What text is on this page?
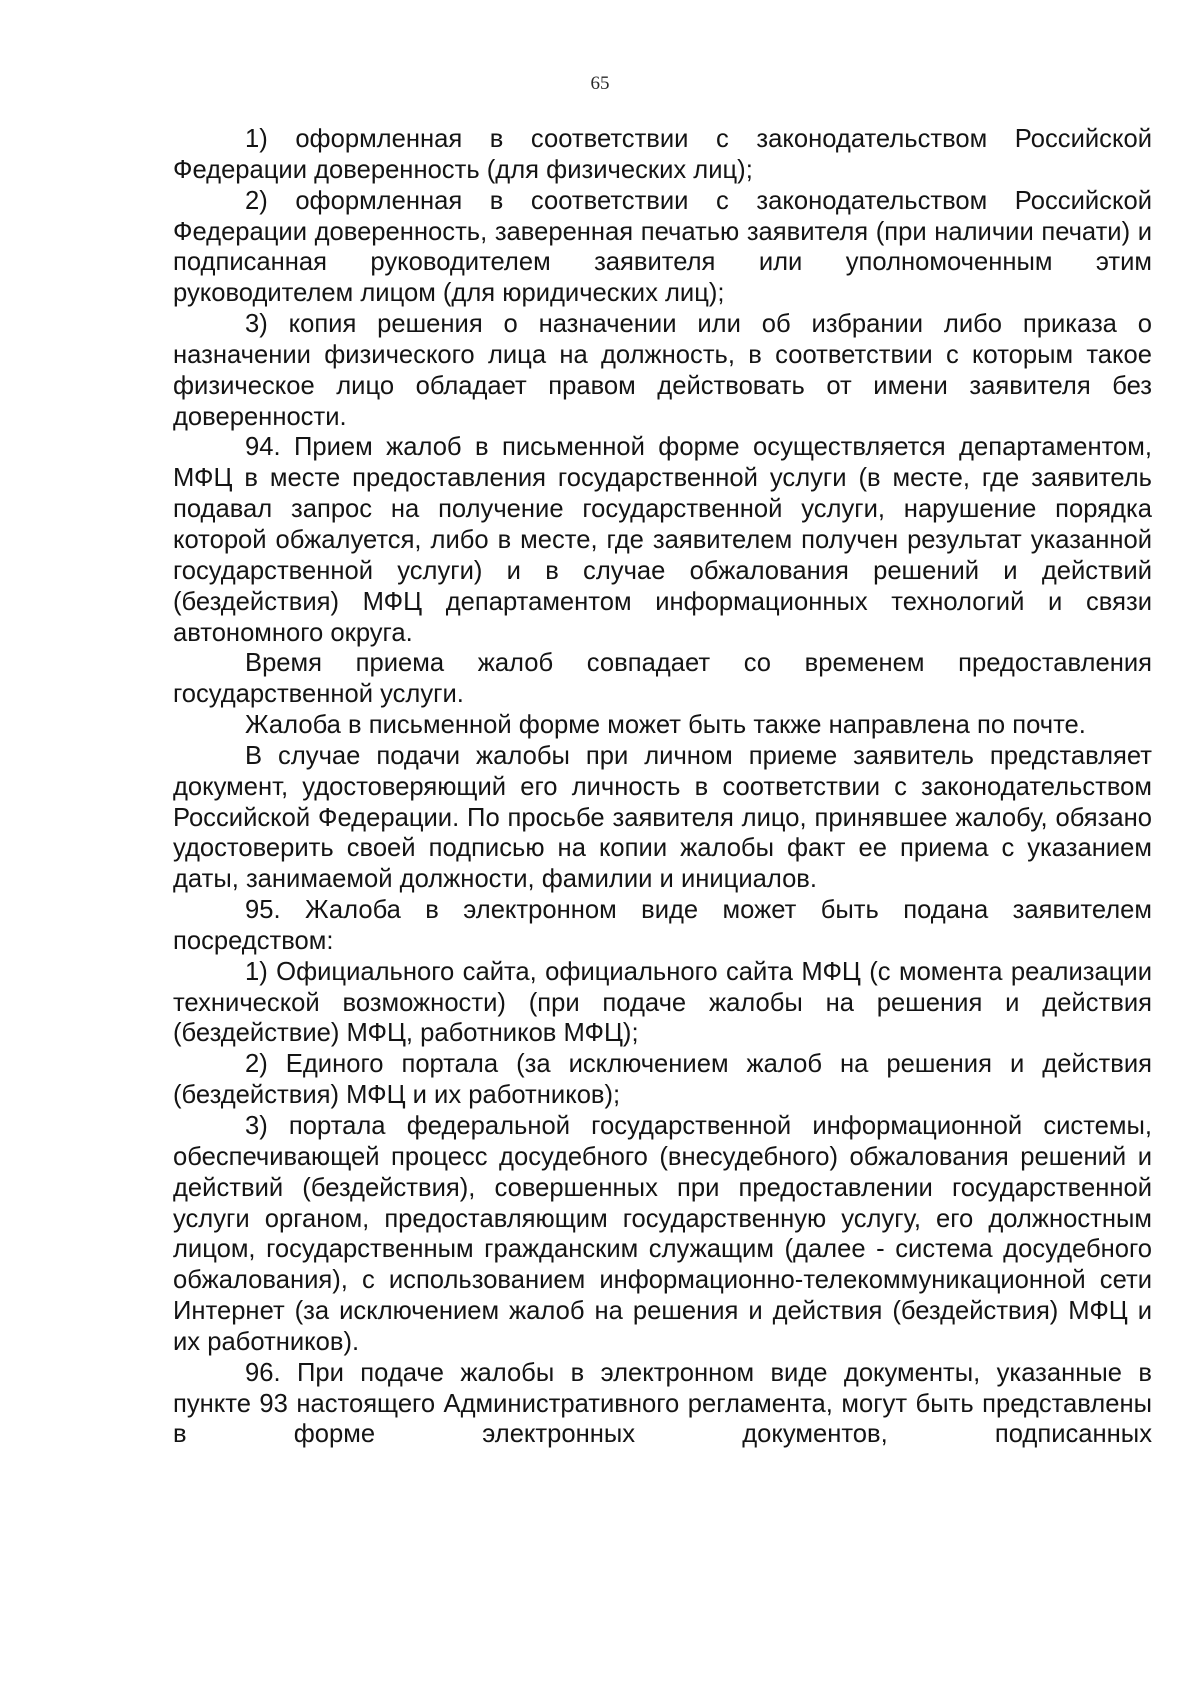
65

1) оформленная в соответствии с законодательством Российской Федерации доверенность (для физических лиц);

2) оформленная в соответствии с законодательством Российской Федерации доверенность, заверенная печатью заявителя (при наличии печати) и подписанная руководителем заявителя или уполномоченным этим руководителем лицом (для юридических лиц);

3) копия решения о назначении или об избрании либо приказа о назначении физического лица на должность, в соответствии с которым такое физическое лицо обладает правом действовать от имени заявителя без доверенности.

94. Прием жалоб в письменной форме осуществляется департаментом, МФЦ в месте предоставления государственной услуги (в месте, где заявитель подавал запрос на получение государственной услуги, нарушение порядка которой обжалуется, либо в месте, где заявителем получен результат указанной государственной услуги) и в случае обжалования решений и действий (бездействия) МФЦ департаментом информационных технологий и связи автономного округа.

Время приема жалоб совпадает со временем предоставления государственной услуги.

Жалоба в письменной форме может быть также направлена по почте.

В случае подачи жалобы при личном приеме заявитель представляет документ, удостоверяющий его личность в соответствии с законодательством Российской Федерации. По просьбе заявителя лицо, принявшее жалобу, обязано удостоверить своей подписью на копии жалобы факт ее приема с указанием даты, занимаемой должности, фамилии и инициалов.

95. Жалоба в электронном виде может быть подана заявителем посредством:

1) Официального сайта, официального сайта МФЦ (с момента реализации технической возможности) (при подаче жалобы на решения и действия (бездействие) МФЦ, работников МФЦ);

2) Единого портала (за исключением жалоб на решения и действия (бездействия) МФЦ и их работников);

3) портала федеральной государственной информационной системы, обеспечивающей процесс досудебного (внесудебного) обжалования решений и действий (бездействия), совершенных при предоставлении государственной услуги органом, предоставляющим государственную услугу, его должностным лицом, государственным гражданским служащим (далее - система досудебного обжалования), с использованием информационно-телекоммуникационной сети Интернет (за исключением жалоб на решения и действия (бездействия) МФЦ и их работников).

96. При подаче жалобы в электронном виде документы, указанные в пункте 93 настоящего Административного регламента, могут быть представлены в форме электронных документов, подписанных
